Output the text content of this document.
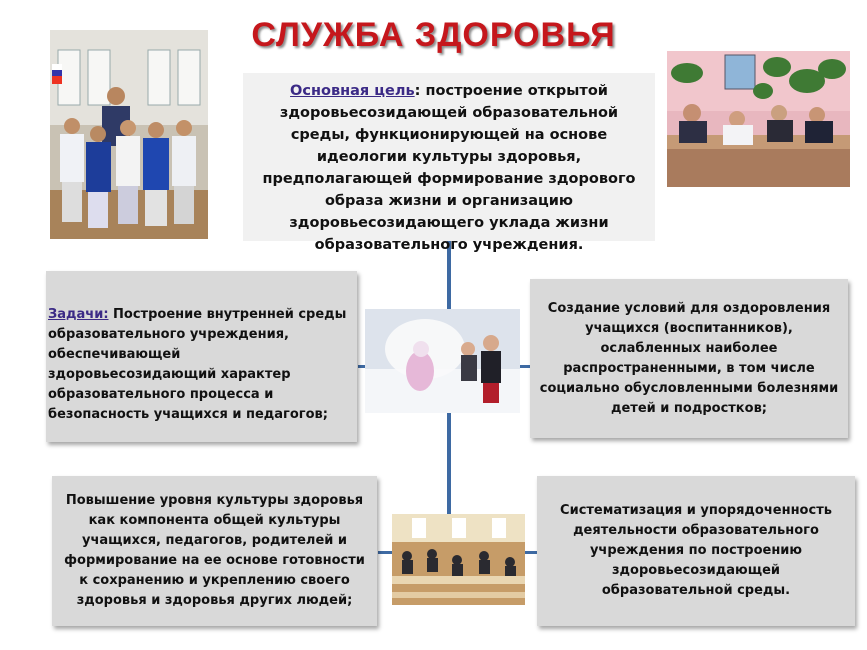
СЛУЖБА ЗДОРОВЬЯ
Основная цель: построение открытой здоровьесозидающей образовательной среды, функционирующей на основе идеологии культуры здоровья, предполагающей формирование здорового образа жизни и организацию здоровьесозидающего уклада жизни образовательного учреждения.
Задачи: Построение внутренней среды образовательного учреждения, обеспечивающей здоровьесозидающий характер образовательного процесса и безопасность учащихся и педагогов;
Создание условий для оздоровления учащихся (воспитанников), ослабленных наиболее распространенными, в том числе социально обусловленными болезнями детей и подростков;
Повышение уровня культуры здоровья как компонента общей культуры учащихся, педагогов, родителей и формирование на ее основе готовности к сохранению и укреплению своего здоровья и здоровья других людей;
Систематизация и упорядоченность деятельности образовательного учреждения по построению здоровьесозидающей образовательной среды.
